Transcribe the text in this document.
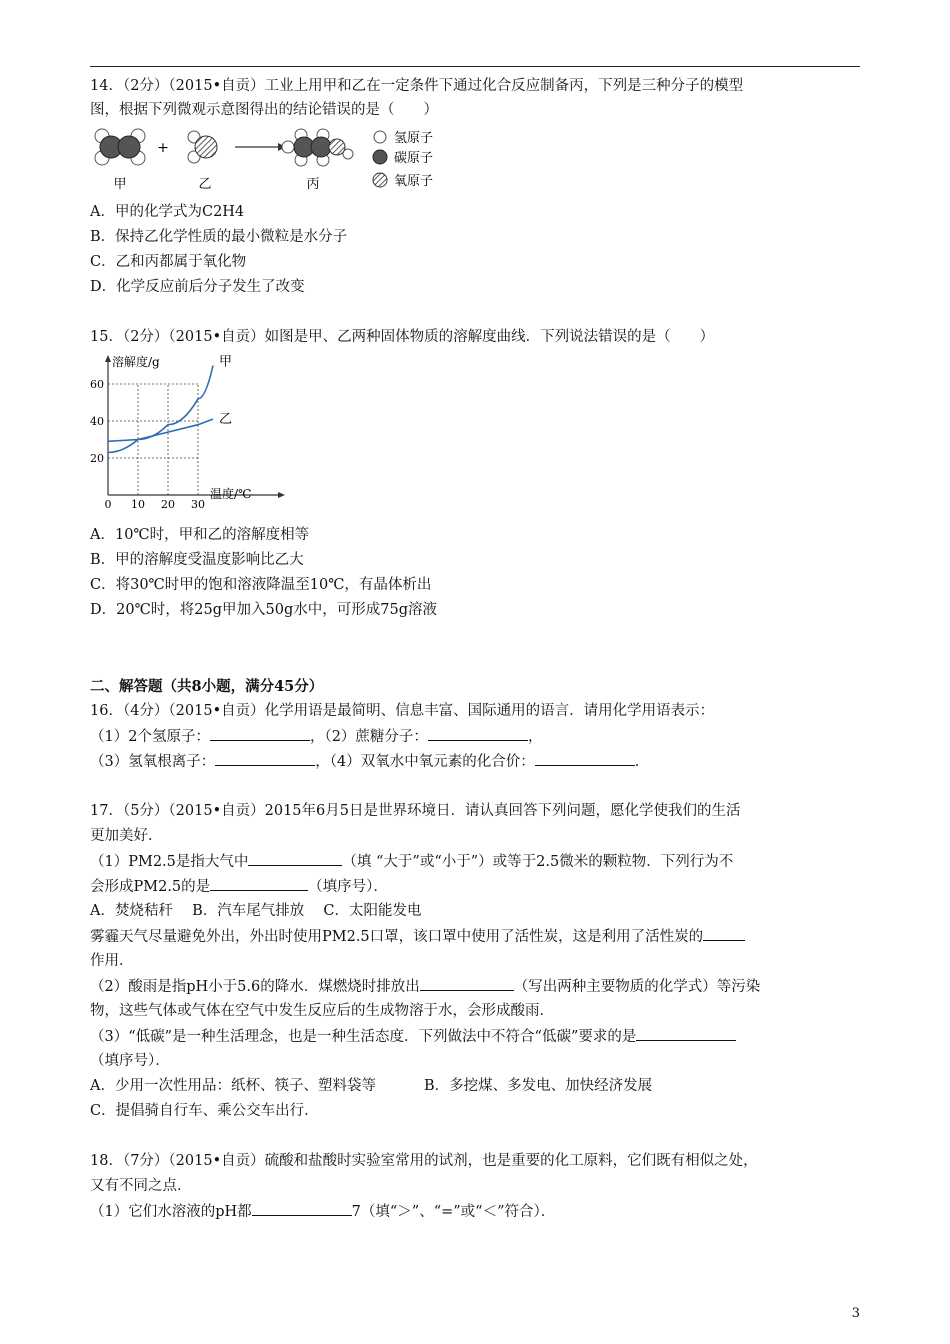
14．（2分）（2015•自贡）工业上用甲和乙在一定条件下通过化合反应制备丙，下列是三种分子的模型
图，根据下列微观示意图得出的结论错误的是（　　）
甲
+
乙	丙
氢原子
碳原子
氧原子
A．甲的化学式为C2H4
B．保持乙化学性质的最小微粒是水分子
C．乙和丙都属于氧化物
D．化学反应前后分子发生了改变
15．（2分）（2015•自贡）如图是甲、乙两种固体物质的溶解度曲线．下列说法错误的是（　　）
溶解度/g
温度/℃
20
40
60
0 10 20 30
甲
乙
A．10℃时，甲和乙的溶解度相等
B．甲的溶解度受温度影响比乙大
C．将30℃时甲的饱和溶液降温至10℃，有晶体析出
D．20℃时，将25g甲加入50g水中，可形成75g溶液
二、解答题（共8小题，满分45分）
16．（4分）（2015•自贡）化学用语是最简明、信息丰富、国际通用的语言．请用化学用语表示：
（1）2个氢原子：	，（2）蔗糖分子：	，
（3）氢氧根离子：	，（4）双氧水中氧元素的化合价：	．
17．（5分）（2015•自贡）2015年6月5日是世界环境日．请认真回答下列问题，愿化学使我们的生活
更加美好．
（1）PM2.5是指大气中	（填 “大于”或“小于”）或等于2.5微米的颗粒物．下列行为不
会形成PM2.5的是	（填序号）．
A．焚烧秸秆　 B．汽车尾气排放　 C．太阳能发电
雾霾天气尽量避免外出，外出时使用PM2.5口罩，该口罩中使用了活性炭，这是利用了活性炭的
作用．
（2）酸雨是指pH小于5.6的降水．煤燃烧时排放出	（写出两种主要物质的化学式）等污染
物，这些气体或气体在空气中发生反应后的生成物溶于水，会形成酸雨．
（3）“低碳”是一种生活理念，也是一种生活态度．下列做法中不符合“低碳”要求的是
（填序号）．
A．少用一次性用品：纸杯、筷子、塑料袋等	B．多挖煤、多发电、加快经济发展
C．提倡骑自行车、乘公交车出行．
18．（7分）（2015•自贡）硫酸和盐酸时实验室常用的试剂，也是重要的化工原料，它们既有相似之处，
又有不同之点．
（1）它们水溶液的pH都	7（填“＞”、“=”或“＜”符合）．
3
